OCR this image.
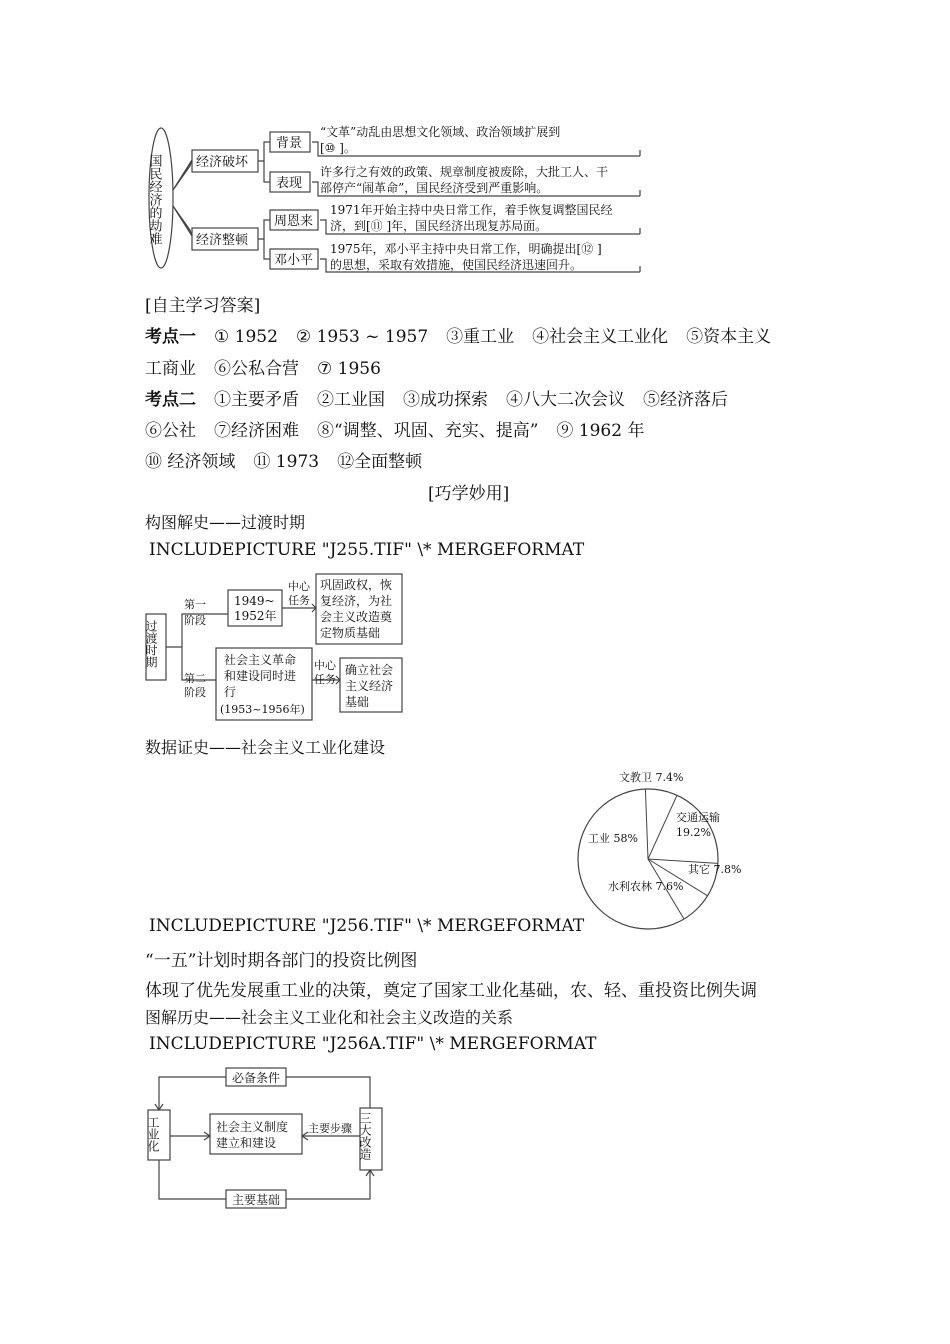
国民经济的劫难	经济破坏
经济整顿
背景
表现
周恩来
邓小平
“文革”动乱由思想文化领域、政治领域扩展到
[⑩ ]。
许多行之有效的政策、规章制度被废除，大批工人、干
部停产“闹革命”，国民经济受到严重影响。
1971年开始主持中央日常工作，着手恢复调整国民经
济，到[⑪ ]年，国民经济出现复苏局面。
1975年，邓小平主持中央日常工作，明确提出[⑫ ]
的思想，采取有效措施，使国民经济迅速回升。
[自主学习答案]
考点一 ① 1952 ② 1953 ~ 1957 ③重工业 ④社会主义工业化 ⑤资本主义
工商业 ⑥公私合营 ⑦ 1956
考点二 ①主要矛盾 ②工业国 ③成功探索 ④八大二次会议 ⑤经济落后
⑥公社 ⑦经济困难 ⑧“调整、巩固、充实、提高” ⑨ 1962 年
⑩ 经济领域 ⑪ 1973 ⑫全面整顿
[巧学妙用]
构图解史——过渡时期
INCLUDEPICTURE "J255.TIF" \* MERGEFORMAT
过渡时期
第一
阶段
1949~
1952年
中心
任务
巩固政权，恢
复经济，为社
会主义改造奠
定物质基础
第二
阶段
社会主义革命
和建设同时进
行
(1953~1956年)
中心
任务
确立社会
主义经济
基础
数据证史——社会主义工业化建设
工业 58%
文教卫 7.4%
交通运输
19.2%
其它 7.8%
水利农林 7.6%
INCLUDEPICTURE "J256.TIF" \* MERGEFORMAT
“一五”计划时期各部门的投资比例图
体现了优先发展重工业的决策，奠定了国家工业化基础，农、轻、重投资比例失调
图解历史——社会主义工业化和社会主义改造的关系
INCLUDEPICTURE "J256A.TIF" \* MERGEFORMAT
工业化	三大改造
社会主义制度
建立和建设
必备条件
主要基础
主要步骤
